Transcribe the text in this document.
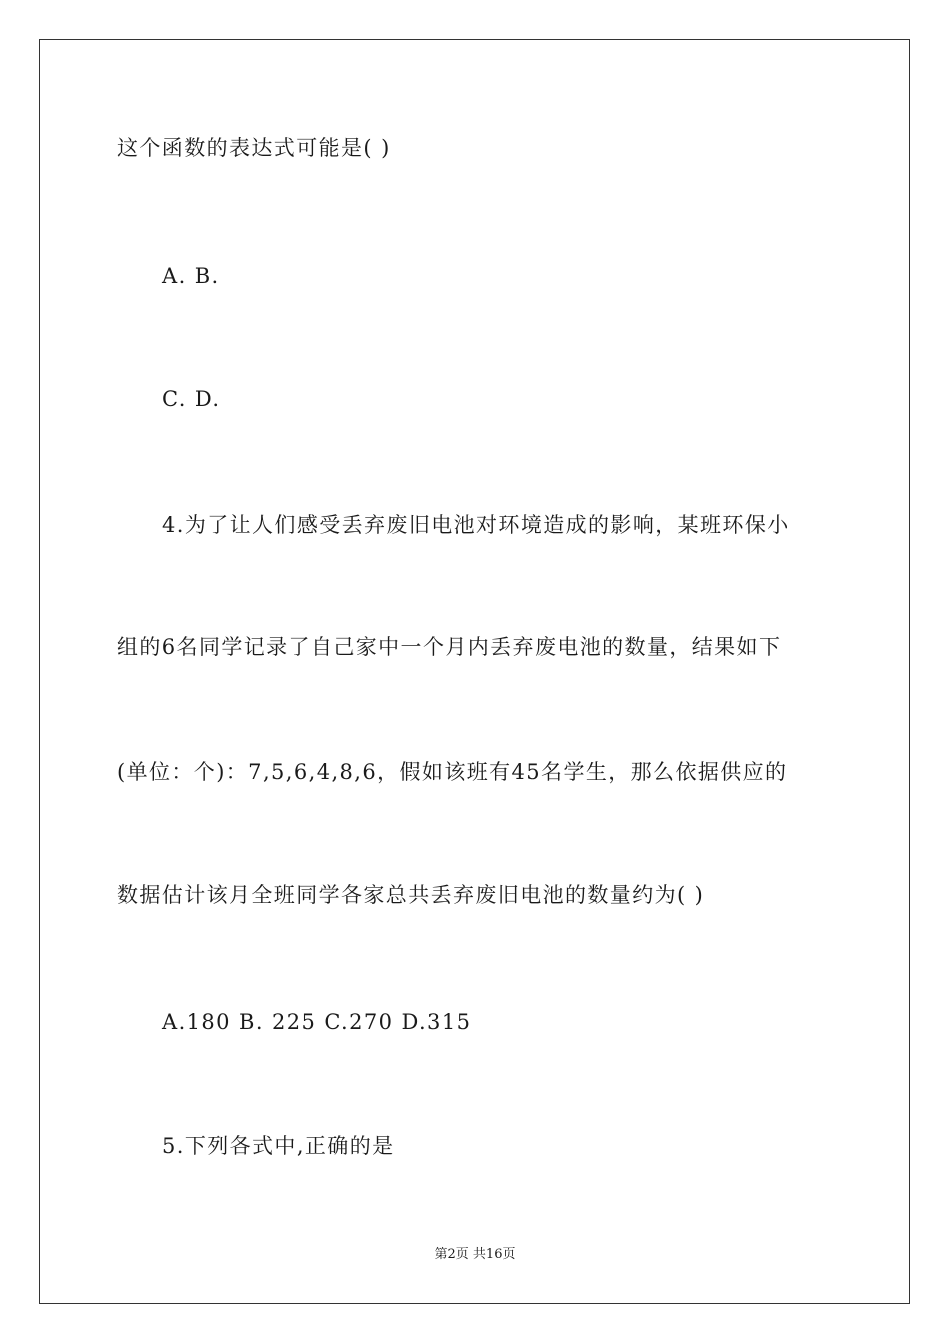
这个函数的表达式可能是( )
A. B.
C. D.
4.为了让人们感受丢弃废旧电池对环境造成的影响，某班环保小
组的6名同学记录了自己家中一个月内丢弃废电池的数量，结果如下
(单位：个)：7,5,6,4,8,6，假如该班有45名学生，那么依据供应的
数据估计该月全班同学各家总共丢弃废旧电池的数量约为( )
A.180 B. 225 C.270 D.315
5.下列各式中,正确的是
第2页 共16页
